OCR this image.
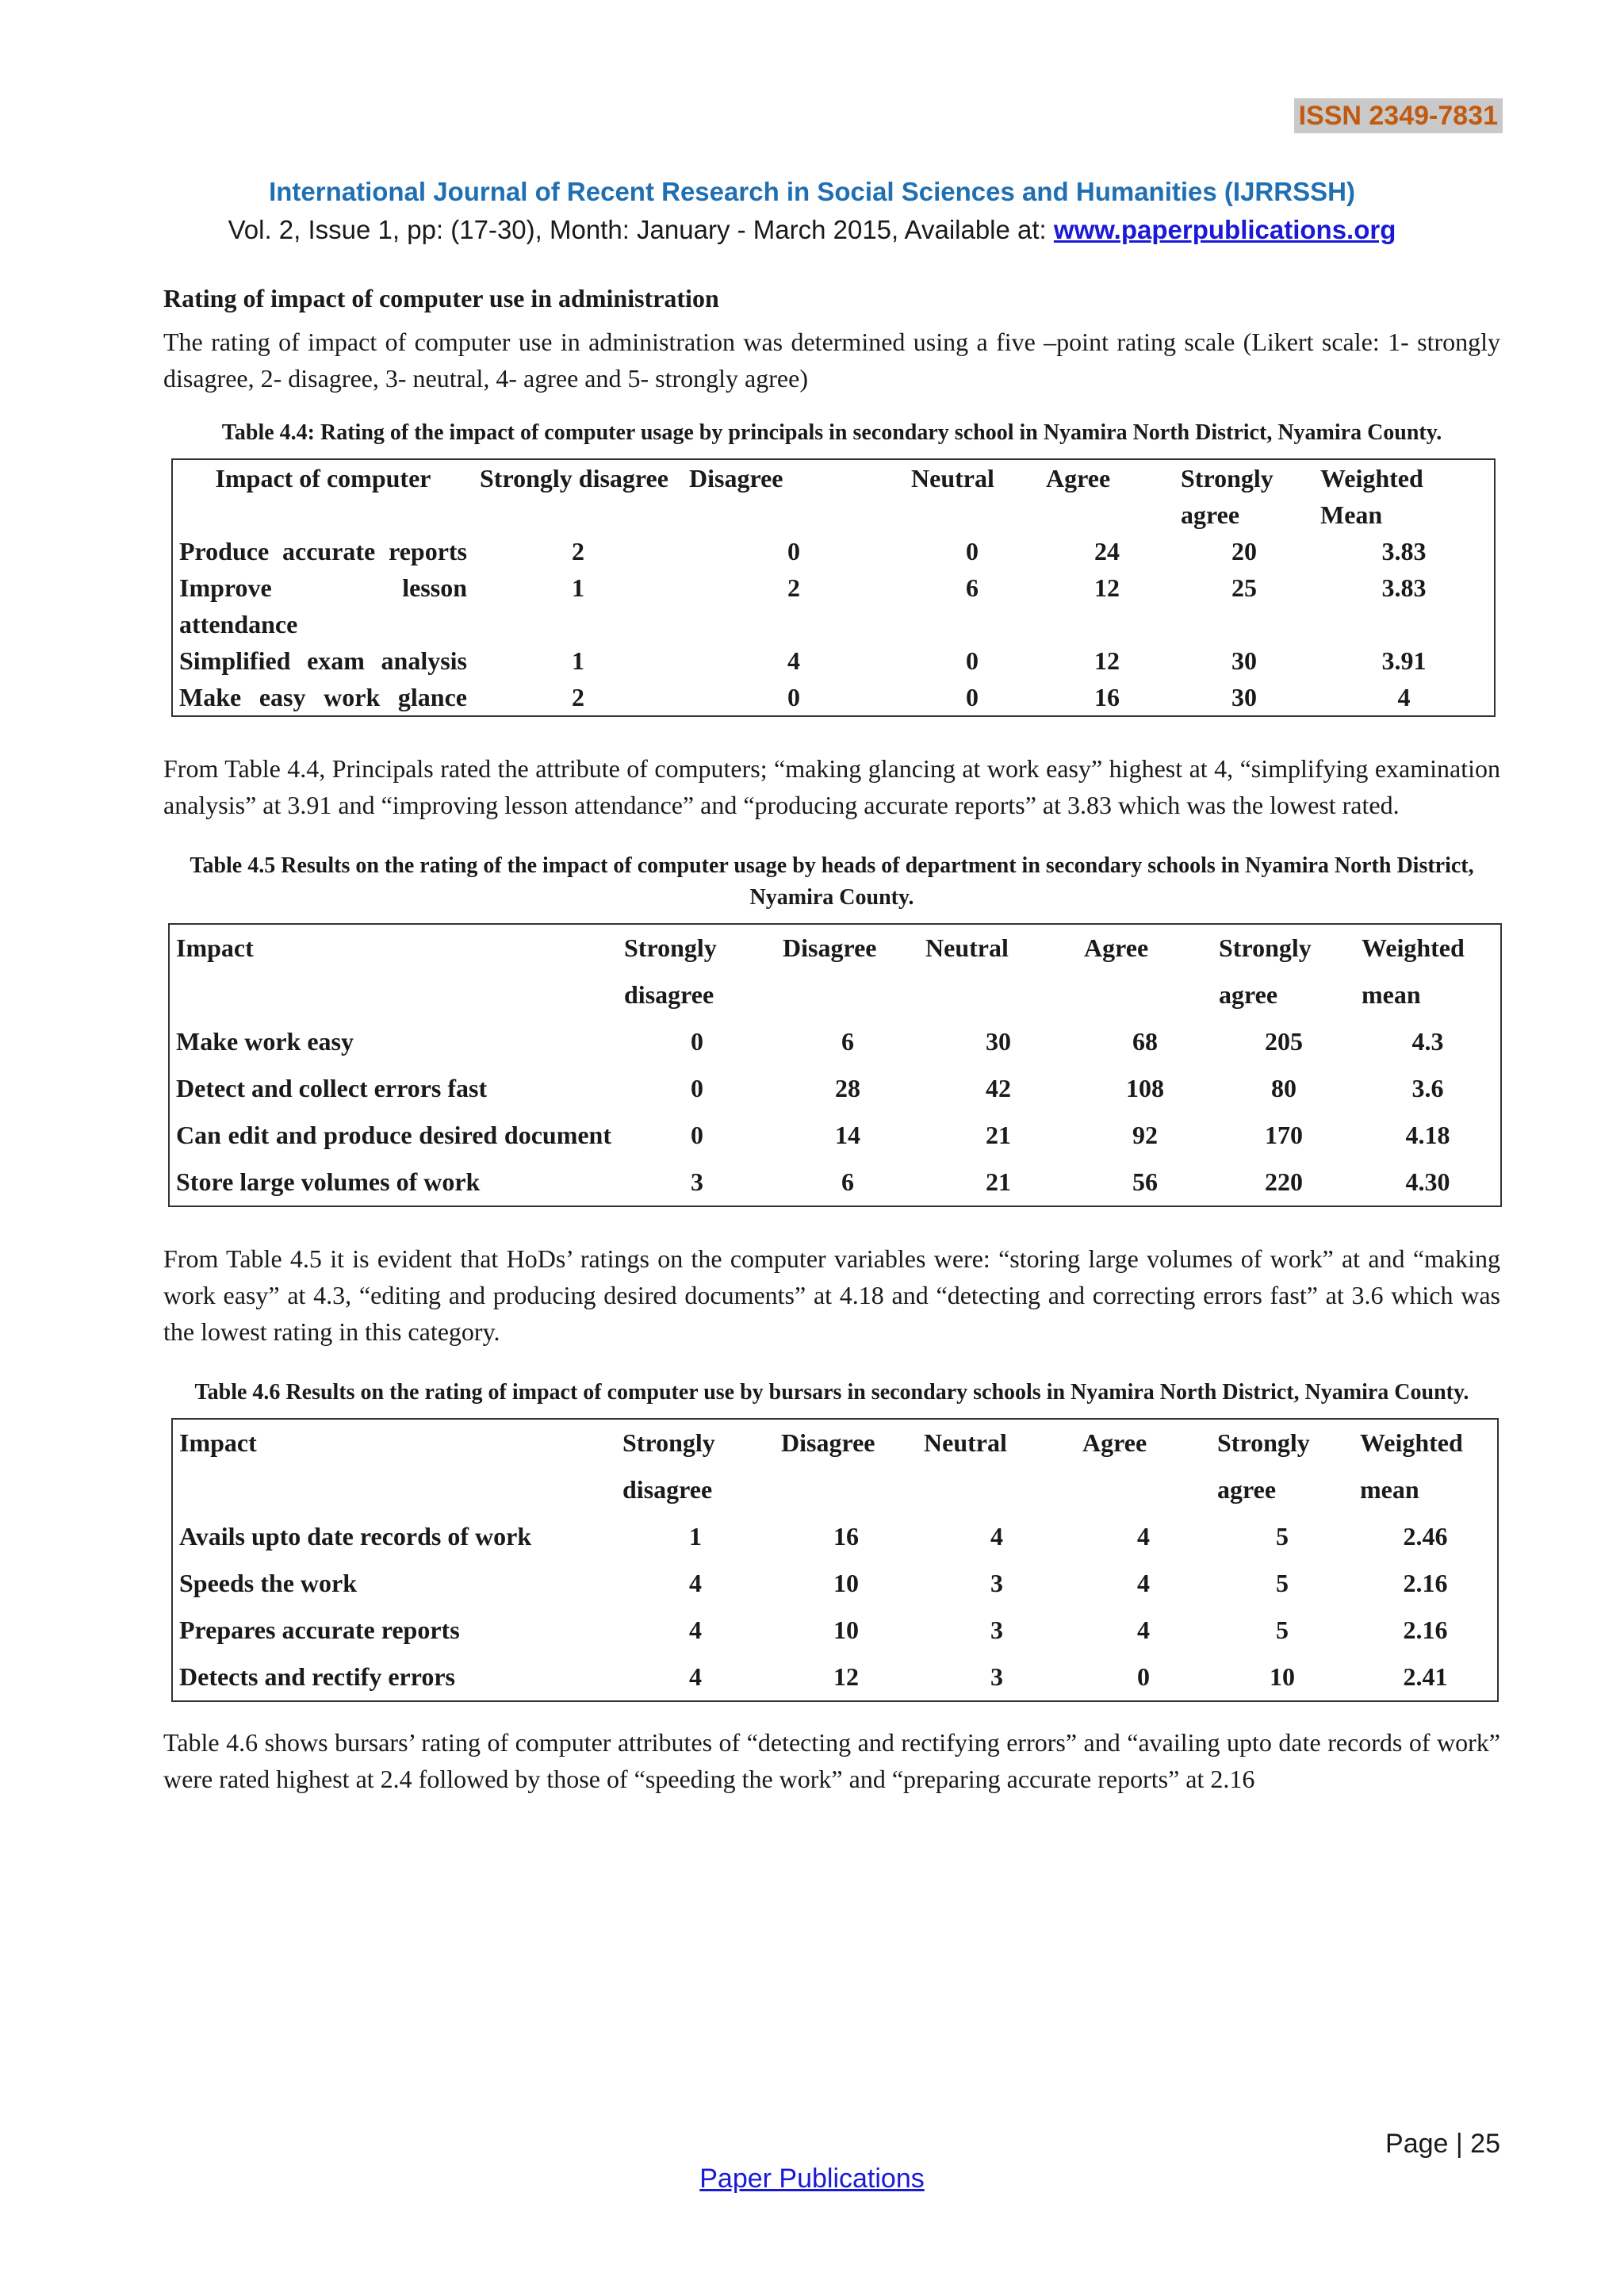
ISSN 2349-7831
International Journal of Recent Research in Social Sciences and Humanities (IJRRSSH)
Vol. 2, Issue 1, pp: (17-30), Month: January - March 2015, Available at: www.paperpublications.org
Rating of impact of computer use in administration

The rating of impact of computer use in administration was determined using a five –point rating scale (Likert scale: 1- strongly disagree, 2- disagree, 3- neutral, 4- agree and 5- strongly agree)

Table 4.4: Rating of the impact of computer usage by principals in secondary school in Nyamira North District, Nyamira County.
Impact of computer	Strongly disagree	Disagree	Neutral	Agree	Strongly agree	Weighted Mean
Produce accurate reports	2	0	0	24	20	3.83
Improve lesson attendance	1	2	6	12	25	3.83
Simplified exam analysis	1	4	0	12	30	3.91
Make easy work glance	2	0	0	16	30	4

From Table 4.4, Principals rated the attribute of computers; “making glancing at work easy” highest at 4, “simplifying examination analysis” at 3.91 and “improving lesson attendance” and “producing accurate reports” at 3.83 which was the lowest rated.

Table 4.5 Results on the rating of the impact of computer usage by heads of department in secondary schools in Nyamira North District, Nyamira County.
Impact	Strongly disagree	Disagree	Neutral	Agree	Strongly agree	Weighted mean
Make work easy	0	6	30	68	205	4.3
Detect and collect errors fast	0	28	42	108	80	3.6
Can edit and produce desired document	0	14	21	92	170	4.18
Store large volumes of work	3	6	21	56	220	4.30

From Table 4.5 it is evident that HoDs’ ratings on the computer variables were: “storing large volumes of work” at and “making work easy” at 4.3, “editing and producing desired documents” at 4.18 and “detecting and correcting errors fast” at 3.6 which was the lowest rating in this category.

Table 4.6 Results on the rating of impact of computer use by bursars in secondary schools in Nyamira North District, Nyamira County.
Impact	Strongly disagree	Disagree	Neutral	Agree	Strongly agree	Weighted mean
Avails upto date records of work	1	16	4	4	5	2.46
Speeds the work	4	10	3	4	5	2.16
Prepares accurate reports	4	10	3	4	5	2.16
Detects and rectify errors	4	12	3	0	10	2.41

Table 4.6 shows bursars’ rating of computer attributes of “detecting and rectifying errors” and “availing upto date records of work” were rated highest at 2.4 followed by those of “speeding the work” and “preparing accurate reports” at 2.16

Page | 25
Paper Publications
